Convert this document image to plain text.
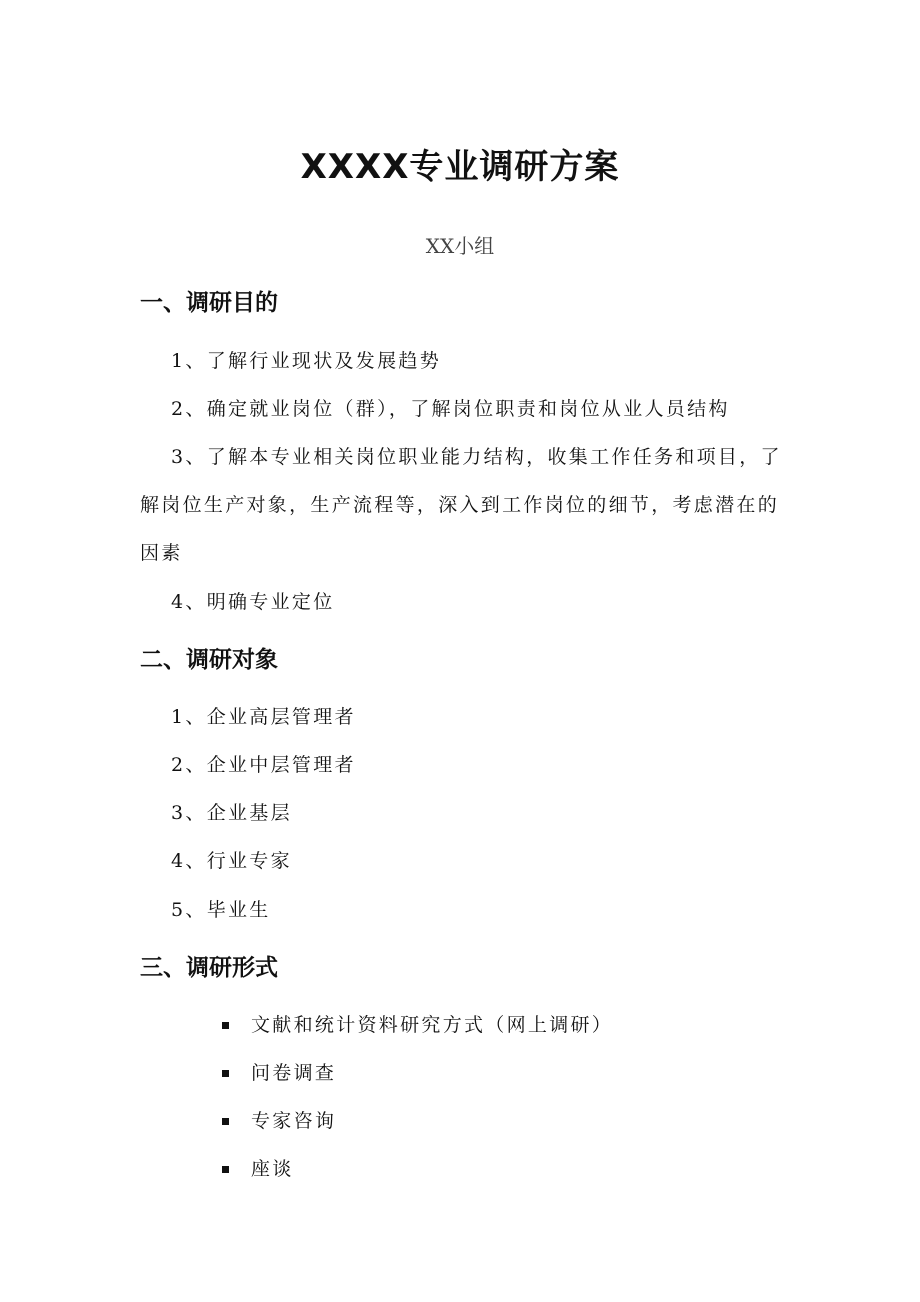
XXXX专业调研方案
XX小组
一、调研目的

1、了解行业现状及发展趋势

2、确定就业岗位（群），了解岗位职责和岗位从业人员结构

3、了解本专业相关岗位职业能力结构，收集工作任务和项目，了解岗位生产对象，生产流程等，深入到工作岗位的细节，考虑潜在的因素

4、明确专业定位

二、调研对象

1、企业高层管理者

2、企业中层管理者

3、企业基层

4、行业专家

5、毕业生

三、调研形式
文献和统计资料研究方式（网上调研）
问卷调查
专家咨询
座谈
